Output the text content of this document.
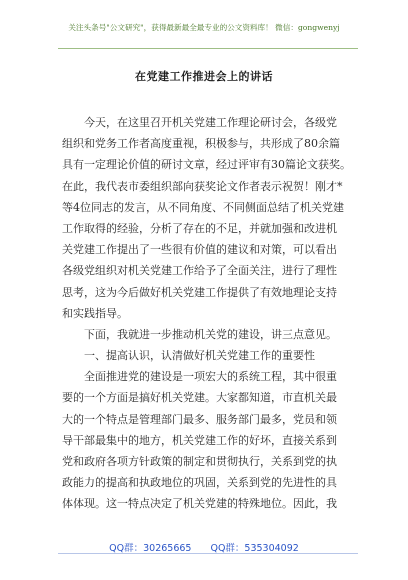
关注头条号"公文研究"，获得最新最全最专业的公文资料库！ 微信：gongwenyj
在党建工作推进会上的讲话
　　今天，在这里召开机关党建工作理论研讨会，各级党
组织和党务工作者高度重视，积极参与，共形成了80余篇
具有一定理论价值的研讨文章，经过评审有30篇论文获奖。
在此，我代表市委组织部向获奖论文作者表示祝贺！刚才*
等4位同志的发言，从不同角度、不同侧面总结了机关党建
工作取得的经验，分析了存在的不足，并就加强和改进机
关党建工作提出了一些很有价值的建议和对策，可以看出
各级党组织对机关党建工作给予了全面关注，进行了理性
思考，这为今后做好机关党建工作提供了有效地理论支持
和实践指导。
　　下面，我就进一步推动机关党的建设，讲三点意见。
　　一、提高认识，认清做好机关党建工作的重要性
　　全面推进党的建设是一项宏大的系统工程，其中很重
要的一个方面是搞好机关党建。大家都知道，市直机关最
大的一个特点是管理部门最多、服务部门最多，党员和领
导干部最集中的地方，机关党建工作的好坏，直接关系到
党和政府各项方针政策的制定和贯彻执行，关系到党的执
政能力的提高和执政地位的巩固，关系到党的先进性的具
体体现。这一特点决定了机关党建的特殊地位。因此，我
QQ群：30265665　　QQ群：535304092
